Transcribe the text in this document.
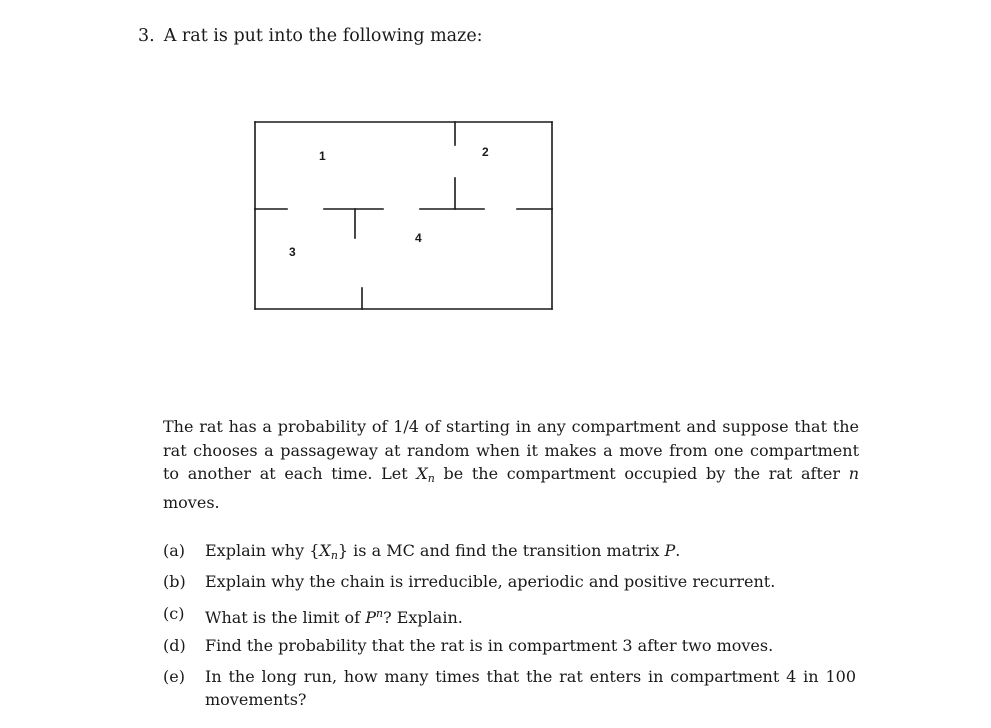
3. A rat is put into the following maze:
1	2
3
4
The rat has a probability of 1/4 of starting in any compartment and suppose that the
rat chooses a passageway at random when it makes a move from one compartment
to another at each time. Let $X_n$ be the compartment occupied by the rat after n
moves.
(a) Explain why $\{X_n\}$ is a MC and find the transition matrix P.
(b) Explain why the chain is irreducible, aperiodic and positive recurrent.
(c) What is the limit of $P^n$? Explain.
(d) Find the probability that the rat is in compartment 3 after two moves.
(e) In the long run, how many times that the rat enters in compartment 4 in 100
movements?
